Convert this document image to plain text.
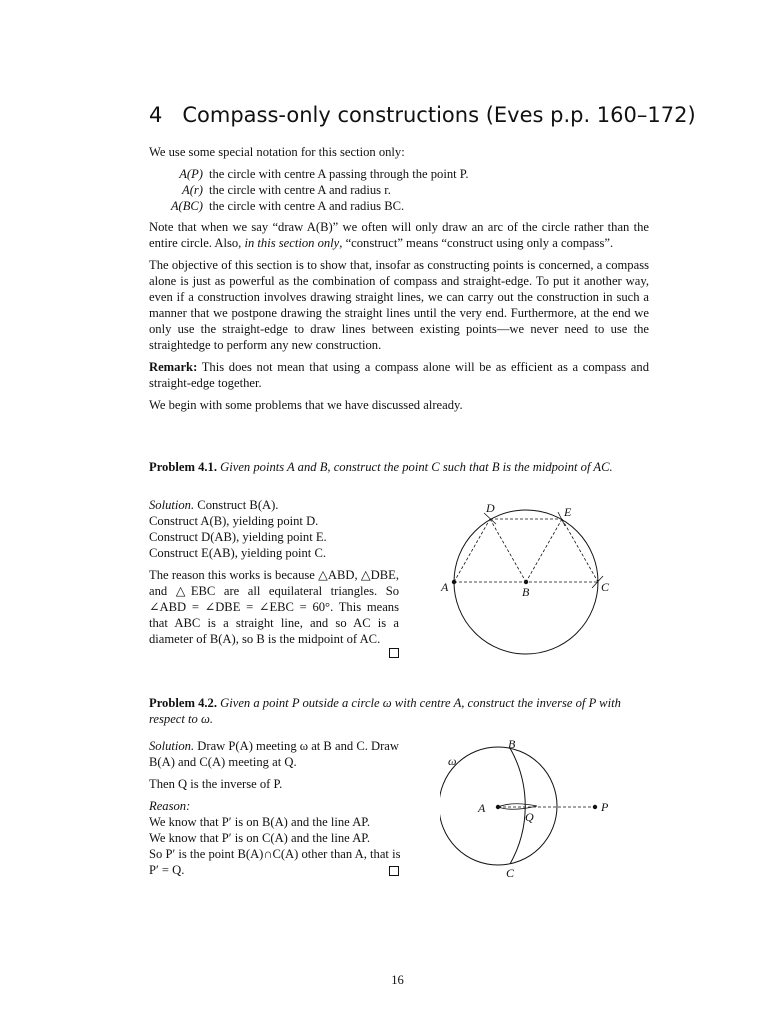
4 Compass-only constructions (Eves p.p. 160–172)

We use some special notation for this section only:

A(P) the circle with centre A passing through the point P.
A(r) the circle with centre A and radius r.
A(BC) the circle with centre A and radius BC.

Note that when we say “draw A(B)” we often will only draw an arc of the circle rather than the entire circle. Also, in this section only, “construct” means “construct using only a compass”.

The objective of this section is to show that, insofar as constructing points is concerned, a compass alone is just as powerful as the combination of compass and straight-edge. To put it another way, even if a construction involves drawing straight lines, we can carry out the construction in such a manner that we postpone drawing the straight lines until the very end. Furthermore, at the end we only use the straight-edge to draw lines between existing points—we never need to use the straightedge to perform any new construction.

Remark: This does not mean that using a compass alone will be as efficient as a compass and straight-edge together.

We begin with some problems that we have discussed already.

Problem 4.1. Given points A and B, construct the point C such that B is the midpoint of AC.

Solution. Construct B(A).

Construct A(B), yielding point D.

Construct D(AB), yielding point E.

Construct E(AB), yielding point C.

The reason this works is because △ABD, △DBE, and △EBC are all equilateral triangles. So ∠ABD = ∠DBE = ∠EBC = 60°. This means that ABC is a straight line, and so AC is a diameter of B(A), so B is the midpoint of AC.

A	B	C
D	E
Problem 4.2. Given a point P outside a circle ω with centre A, construct the inverse of P with respect to ω.

Solution. Draw P(A) meeting ω at B and C. Draw B(A) and C(A) meeting at Q.

Then Q is the inverse of P.

Reason:

We know that P′ is on B(A) and the line AP.

We know that P′ is on C(A) and the line AP.

So P′ is the point B(A)∩C(A) other than A, that is P′ = Q.

ω
A
B
C
P
Q
16
